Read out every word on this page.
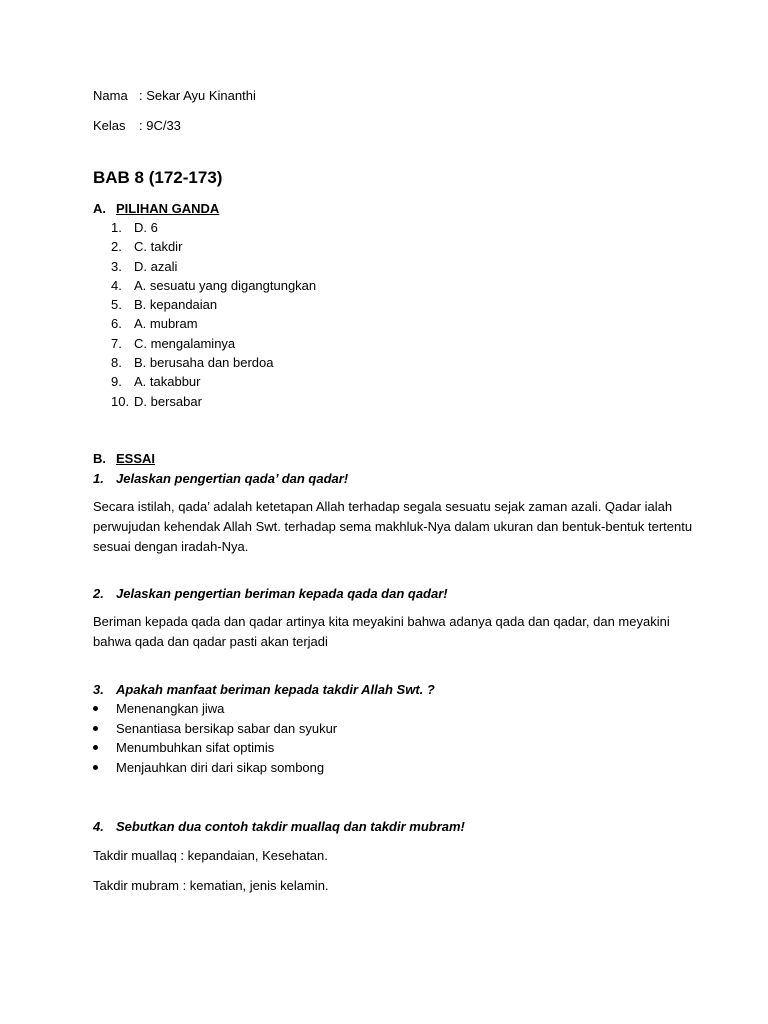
Nama : Sekar Ayu Kinanthi
Kelas : 9C/33
BAB 8 (172-173)
A. PILIHAN GANDA
1. D. 6
2. C. takdir
3. D. azali
4. A. sesuatu yang digangtungkan
5. B. kepandaian
6. A. mubram
7. C. mengalaminya
8. B. berusaha dan berdoa
9. A. takabbur
10. D. bersabar
B. ESSAI
1. Jelaskan pengertian qada’ dan qadar!
Secara istilah, qada’ adalah ketetapan Allah terhadap segala sesuatu sejak zaman azali. Qadar ialah perwujudan kehendak Allah Swt. terhadap sema makhluk-Nya dalam ukuran dan bentuk-bentuk tertentu sesuai dengan iradah-Nya.
2. Jelaskan pengertian beriman kepada qada dan qadar!
Beriman kepada qada dan qadar artinya kita meyakini bahwa adanya qada dan qadar, dan meyakini bahwa qada dan qadar pasti akan terjadi
3. Apakah manfaat beriman kepada takdir Allah Swt. ?
Menenangkan jiwa
Senantiasa bersikap sabar dan syukur
Menumbuhkan sifat optimis
Menjauhkan diri dari sikap sombong
4. Sebutkan dua contoh takdir muallaq dan takdir mubram!
Takdir muallaq : kepandaian, Kesehatan.
Takdir mubram : kematian, jenis kelamin.
